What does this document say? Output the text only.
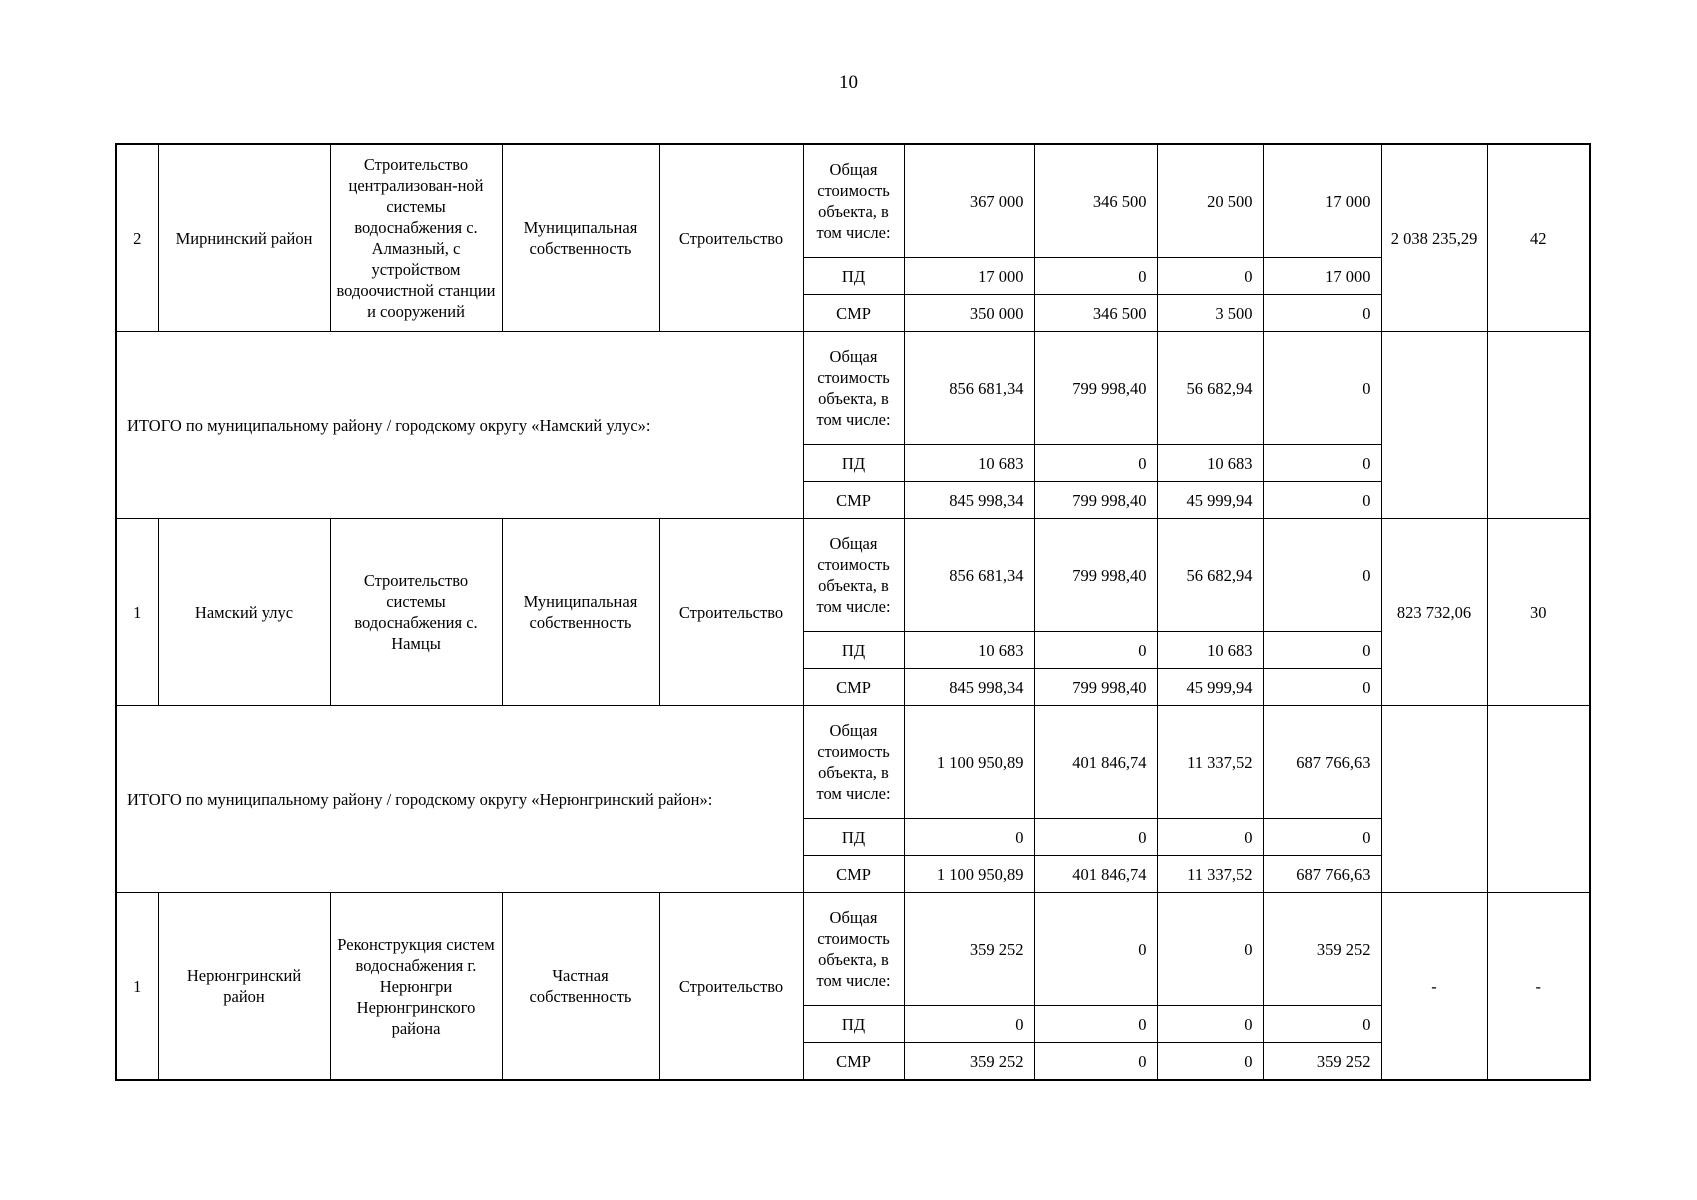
10
2	Мирнинский район	Строительство централизован-ной системы водоснабжения с. Алмазный, с устройством водоочистной станции и сооружений	Муниципальная собственность	Строительство	Общая стоимость объекта, в том числе:	367 000	346 500	20 500	17 000	2 038 235,29	42
					ПД	17 000	0	0	17 000		
					СМР	350 000	346 500	3 500	0		
ИТОГО по муниципальному району / городскому округу «Намский улус»:					Общая стоимость объекта, в том числе:	856 681,34	799 998,40	56 682,94	0		
					ПД	10 683	0	10 683	0		
					СМР	845 998,34	799 998,40	45 999,94	0		
1	Намский улус	Строительство системы водоснабжения с. Намцы	Муниципальная собственность	Строительство	Общая стоимость объекта, в том числе:	856 681,34	799 998,40	56 682,94	0	823 732,06	30
					ПД	10 683	0	10 683	0		
					СМР	845 998,34	799 998,40	45 999,94	0		
ИТОГО по муниципальному району / городскому округу «Нерюнгринский район»:					Общая стоимость объекта, в том числе:	1 100 950,89	401 846,74	11 337,52	687 766,63		
					ПД	0	0	0	0		
					СМР	1 100 950,89	401 846,74	11 337,52	687 766,63		
1	Нерюнгринский район	Реконструкция систем водоснабжения г. Нерюнгри Нерюнгринского района	Частная собственность	Строительство	Общая стоимость объекта, в том числе:	359 252	0	0	359 252	-	-
					ПД	0	0	0	0		
					СМР	359 252	0	0	359 252		
